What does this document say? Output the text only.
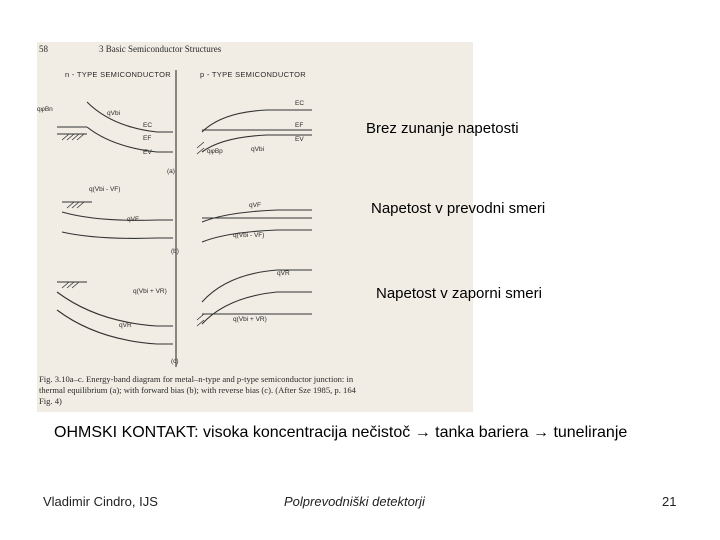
58	3 Basic Semiconductor Structures
n - TYPE SEMICONDUCTOR	p - TYPE SEMICONDUCTOR
qφBn
qVbi
EC
EF
EV
EC
EF
EV
qφBp	qVbi
(a)
q(Vbi - VF)
qVF
qVF
q(Vbi - VF)
(b)
q(Vbi + VR)
qVR
qVR
q(Vbi + VR)
(c)
Fig. 3.10a–c. Energy-band diagram for metal–n-type and p-type semiconductor junction: in
thermal equilibrium (a); with forward bias (b); with reverse bias (c). (After Sze 1985, p. 164
Fig. 4)
Brez zunanje napetosti
Napetost v prevodni smeri
Napetost v zaporni smeri
OHMSKI KONTAKT: visoka koncentracija nečistoč → tanka bariera → tuneliranje
Vladimir Cindro, IJS	Polprevodniški detektorji	21
